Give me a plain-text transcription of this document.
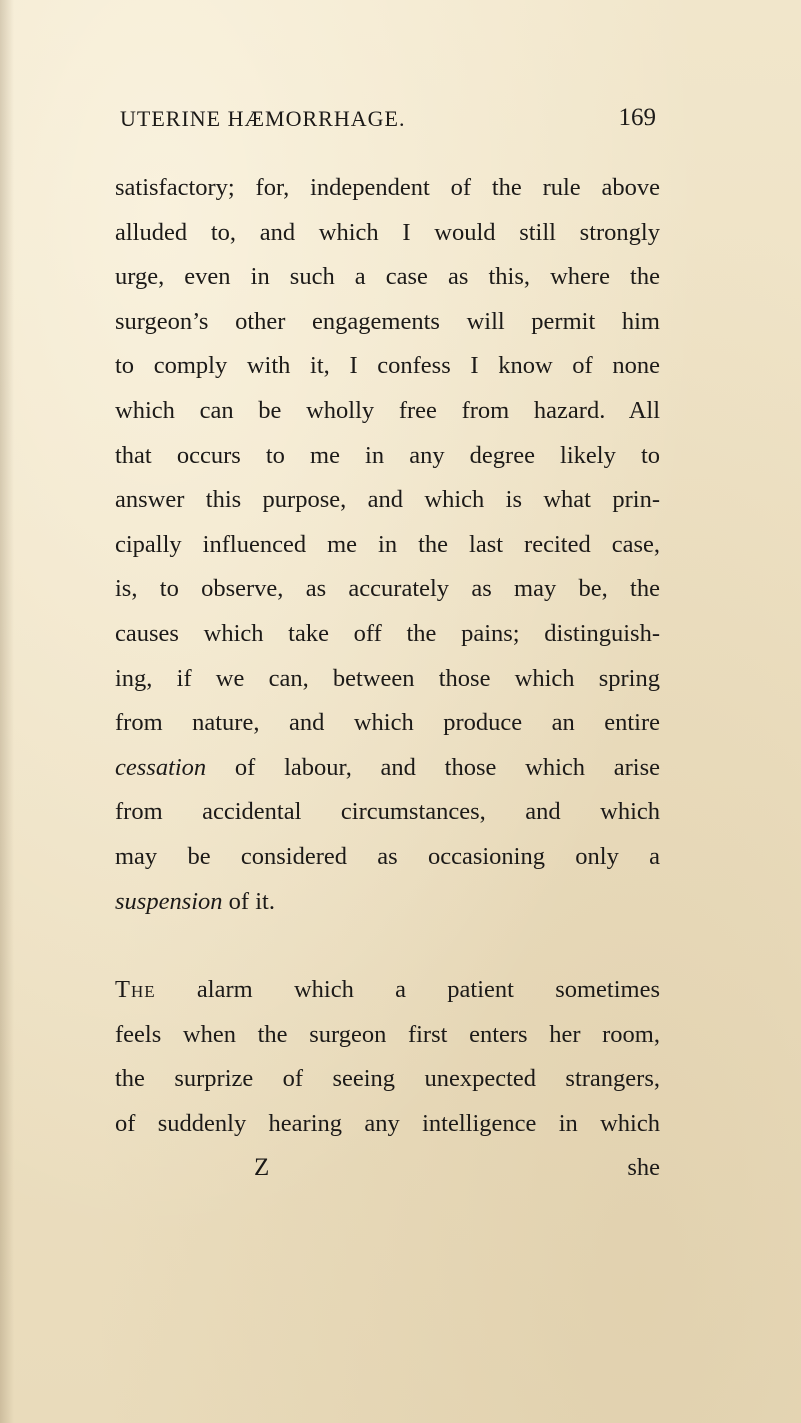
UTERINE HÆMORRHAGE.	169
satisfactory; for, independent of the rule above
alluded to, and which I would still strongly
urge, even in such a case as this, where the
surgeon’s other engagements will permit him
to comply with it, I confess I know of none
which can be wholly free from hazard. All
that occurs to me in any degree likely to
answer this purpose, and which is what prin-
cipally influenced me in the last recited case,
is, to observe, as accurately as may be, the
causes which take off the pains; distinguish-
ing, if we can, between those which spring
from nature, and which produce an entire
cessation of labour, and those which arise
from accidental circumstances, and which
may be considered as occasioning only a
suspension of it.
The alarm which a patient sometimes
feels when the surgeon first enters her room,
the surprize of seeing unexpected strangers,
of suddenly hearing any intelligence in which
Z	she
